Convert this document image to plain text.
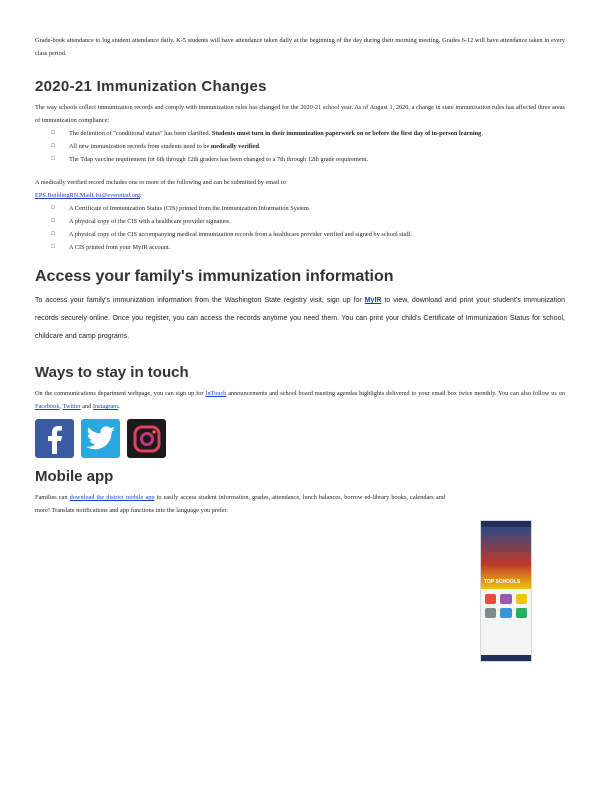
Grade-book attendance to log student attendance daily. K-5 students will have attendance taken daily at the beginning of the day during their morning meeting. Grades 6-12 will have attendance taken in every class period.

2020-21 Immunization Changes

The way schools collect immunization records and comply with immunization rules has changed for the 2020-21 school year. As of August 1, 2020, a change in state immunization rules has affected three areas of immunization compliance:

□ The definition of "conditional status" has been clarified. Students must turn in their immunization paperwork on or before the first day of in-person learning.
□ All new immunization records from students need to be medically verified.
□ The Tdap vaccine requirement for 6th through 12th graders has been changed to a 7th through 12th grade requirement.

A medically verified record includes one or more of the following and can be submitted by email to
EPS.BuildingRN.MailList@everettsd.org:

□ A Certificate of Immunization Status (CIS) printed from the Immunization Information System.
□ A physical copy of the CIS with a healthcare provider signature.
□ A physical copy of the CIS accompanying medical immunization records from a healthcare provider verified and signed by school staff.
□ A CIS printed from your MyIR account.
Access your family's immunization information

To access your family's immunization information from the Washington State registry visit, sign up for MyIR to view, download and print your student's immunization records securely online. Once you register, you can access the records anytime you need them. You can print your child's Certificate of Immunization Status for school, childcare and camp programs.

Ways to stay in touch

On the communications department webpage, you can sign up for InTouch announcements and school board meeting agendas highlights delivered to your email box twice monthly. You can also follow us on Facebook, Twitter and Instagram.

Mobile app

Families can download the district mobile app to easily access student information, grades, attendance, lunch balances, borrow ed-library books, calendars and more! Translate notifications and app functions into the language you prefer.

TOP SCHOOLS
